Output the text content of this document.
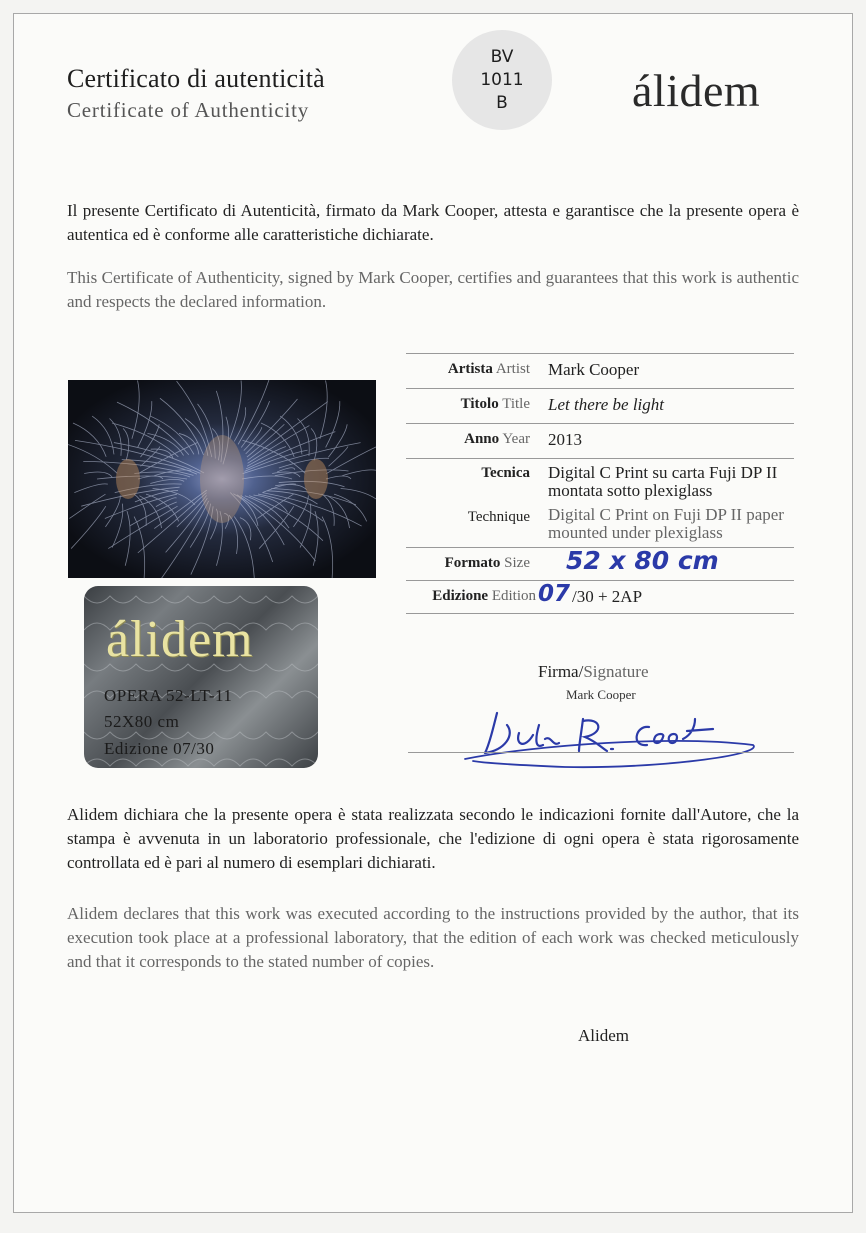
Certificato di autenticità
Certificate of Authenticity
BV
1011
B	álidem
Il presente Certificato di Autenticità, firmato da Mark Cooper, attesta e garantisce che la presente opera è autentica ed è conforme alle caratteristiche dichiarate.
This Certificate of Authenticity, signed by Mark Cooper, certifies and guarantees that this work is authentic and respects the declared information.
álidem
OPERA 52-LT-11
52X80 cm
Edizione 07/30
Artista Artist Mark Cooper
Titolo Title Let there be light
Anno Year 2013
Tecnica
Technique
Digital C Print su carta Fuji DP II montata sotto plexiglass
Digital C Print on Fuji DP II paper mounted under plexiglass
Formato Size 52 x 80 cm
Edizione Edition 07 /30 + 2AP
Firma/Signature
Mark Cooper
Alidem dichiara che la presente opera è stata realizzata secondo le indicazioni fornite dall'Autore, che la stampa è avvenuta in un laboratorio professionale, che l'edizione di ogni opera è stata rigorosamente controllata ed è pari al numero di esemplari dichiarati.
Alidem declares that this work was executed according to the instructions provided by the author, that its execution took place at a professional laboratory, that the edition of each work was checked meticulously and that it corresponds to the stated number of copies.
Alidem
